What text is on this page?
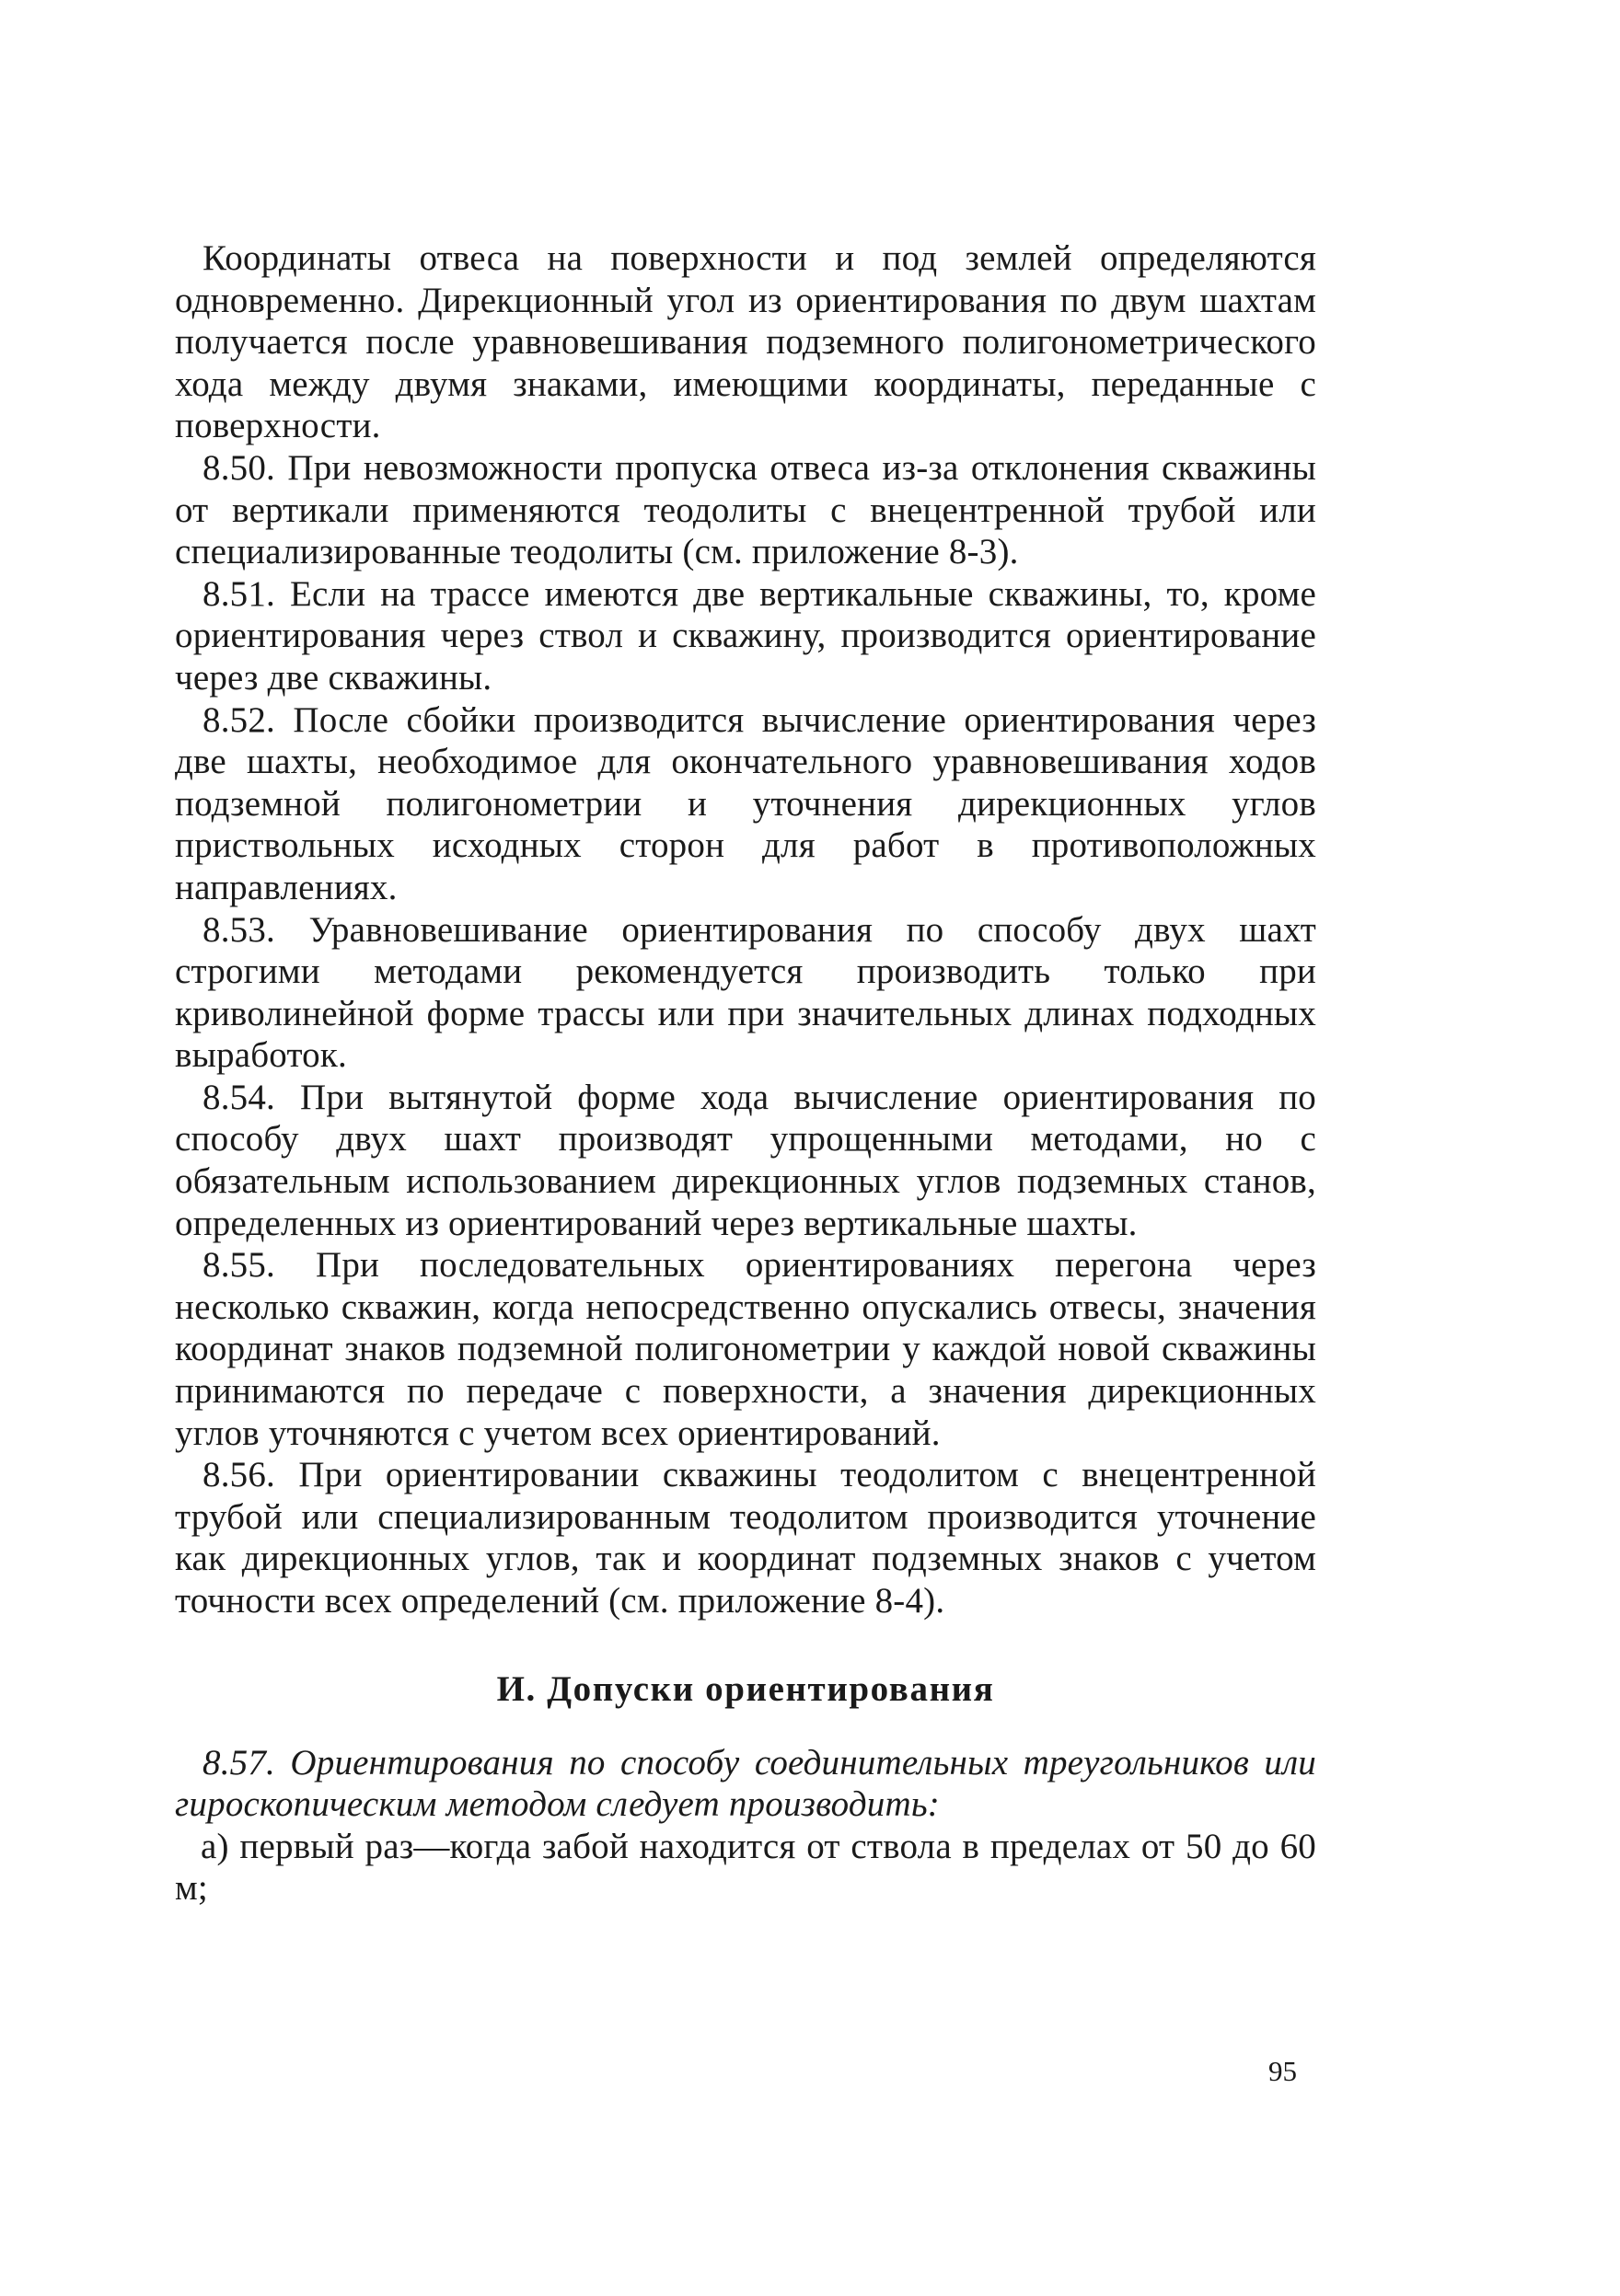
Координаты отвеса на поверхности и под землей определяются одновременно. Дирекционный угол из ориентирования по двум шахтам получается после уравновешивания подземного полигонометрического хода между двумя знаками, имеющими координаты, переданные с поверхности.

8.50. При невозможности пропуска отвеса из-за отклонения скважины от вертикали применяются теодолиты с внецентренной трубой или специализированные теодолиты (см. приложение 8-3).

8.51. Если на трассе имеются две вертикальные скважины, то, кроме ориентирования через ствол и скважину, производится ориентирование через две скважины.

8.52. После сбойки производится вычисление ориентирования через две шахты, необходимое для окончательного уравновешивания ходов подземной полигонометрии и уточнения дирекционных углов приствольных исходных сторон для работ в противоположных направлениях.

8.53. Уравновешивание ориентирования по способу двух шахт строгими методами рекомендуется производить только при криволинейной форме трассы или при значительных длинах подходных выработок.

8.54. При вытянутой форме хода вычисление ориентирования по способу двух шахт производят упрощенными методами, но с обязательным использованием дирекционных углов подземных станов, определенных из ориентирований через вертикальные шахты.

8.55. При последовательных ориентированиях перегона через несколько скважин, когда непосредственно опускались отвесы, значения координат знаков подземной полигонометрии у каждой новой скважины принимаются по передаче с поверхности, а значения дирекционных углов уточняются с учетом всех ориентирований.

8.56. При ориентировании скважины теодолитом с внецентренной трубой или специализированным теодолитом производится уточнение как дирекционных углов, так и координат подземных знаков с учетом точности всех определений (см. приложение 8-4).

И. Допуски ориентирования

8.57. Ориентирования по способу соединительных треугольников или гироскопическим методом следует производить:

а) первый раз—когда забой находится от ствола в пределах от 50 до 60 м;

95
